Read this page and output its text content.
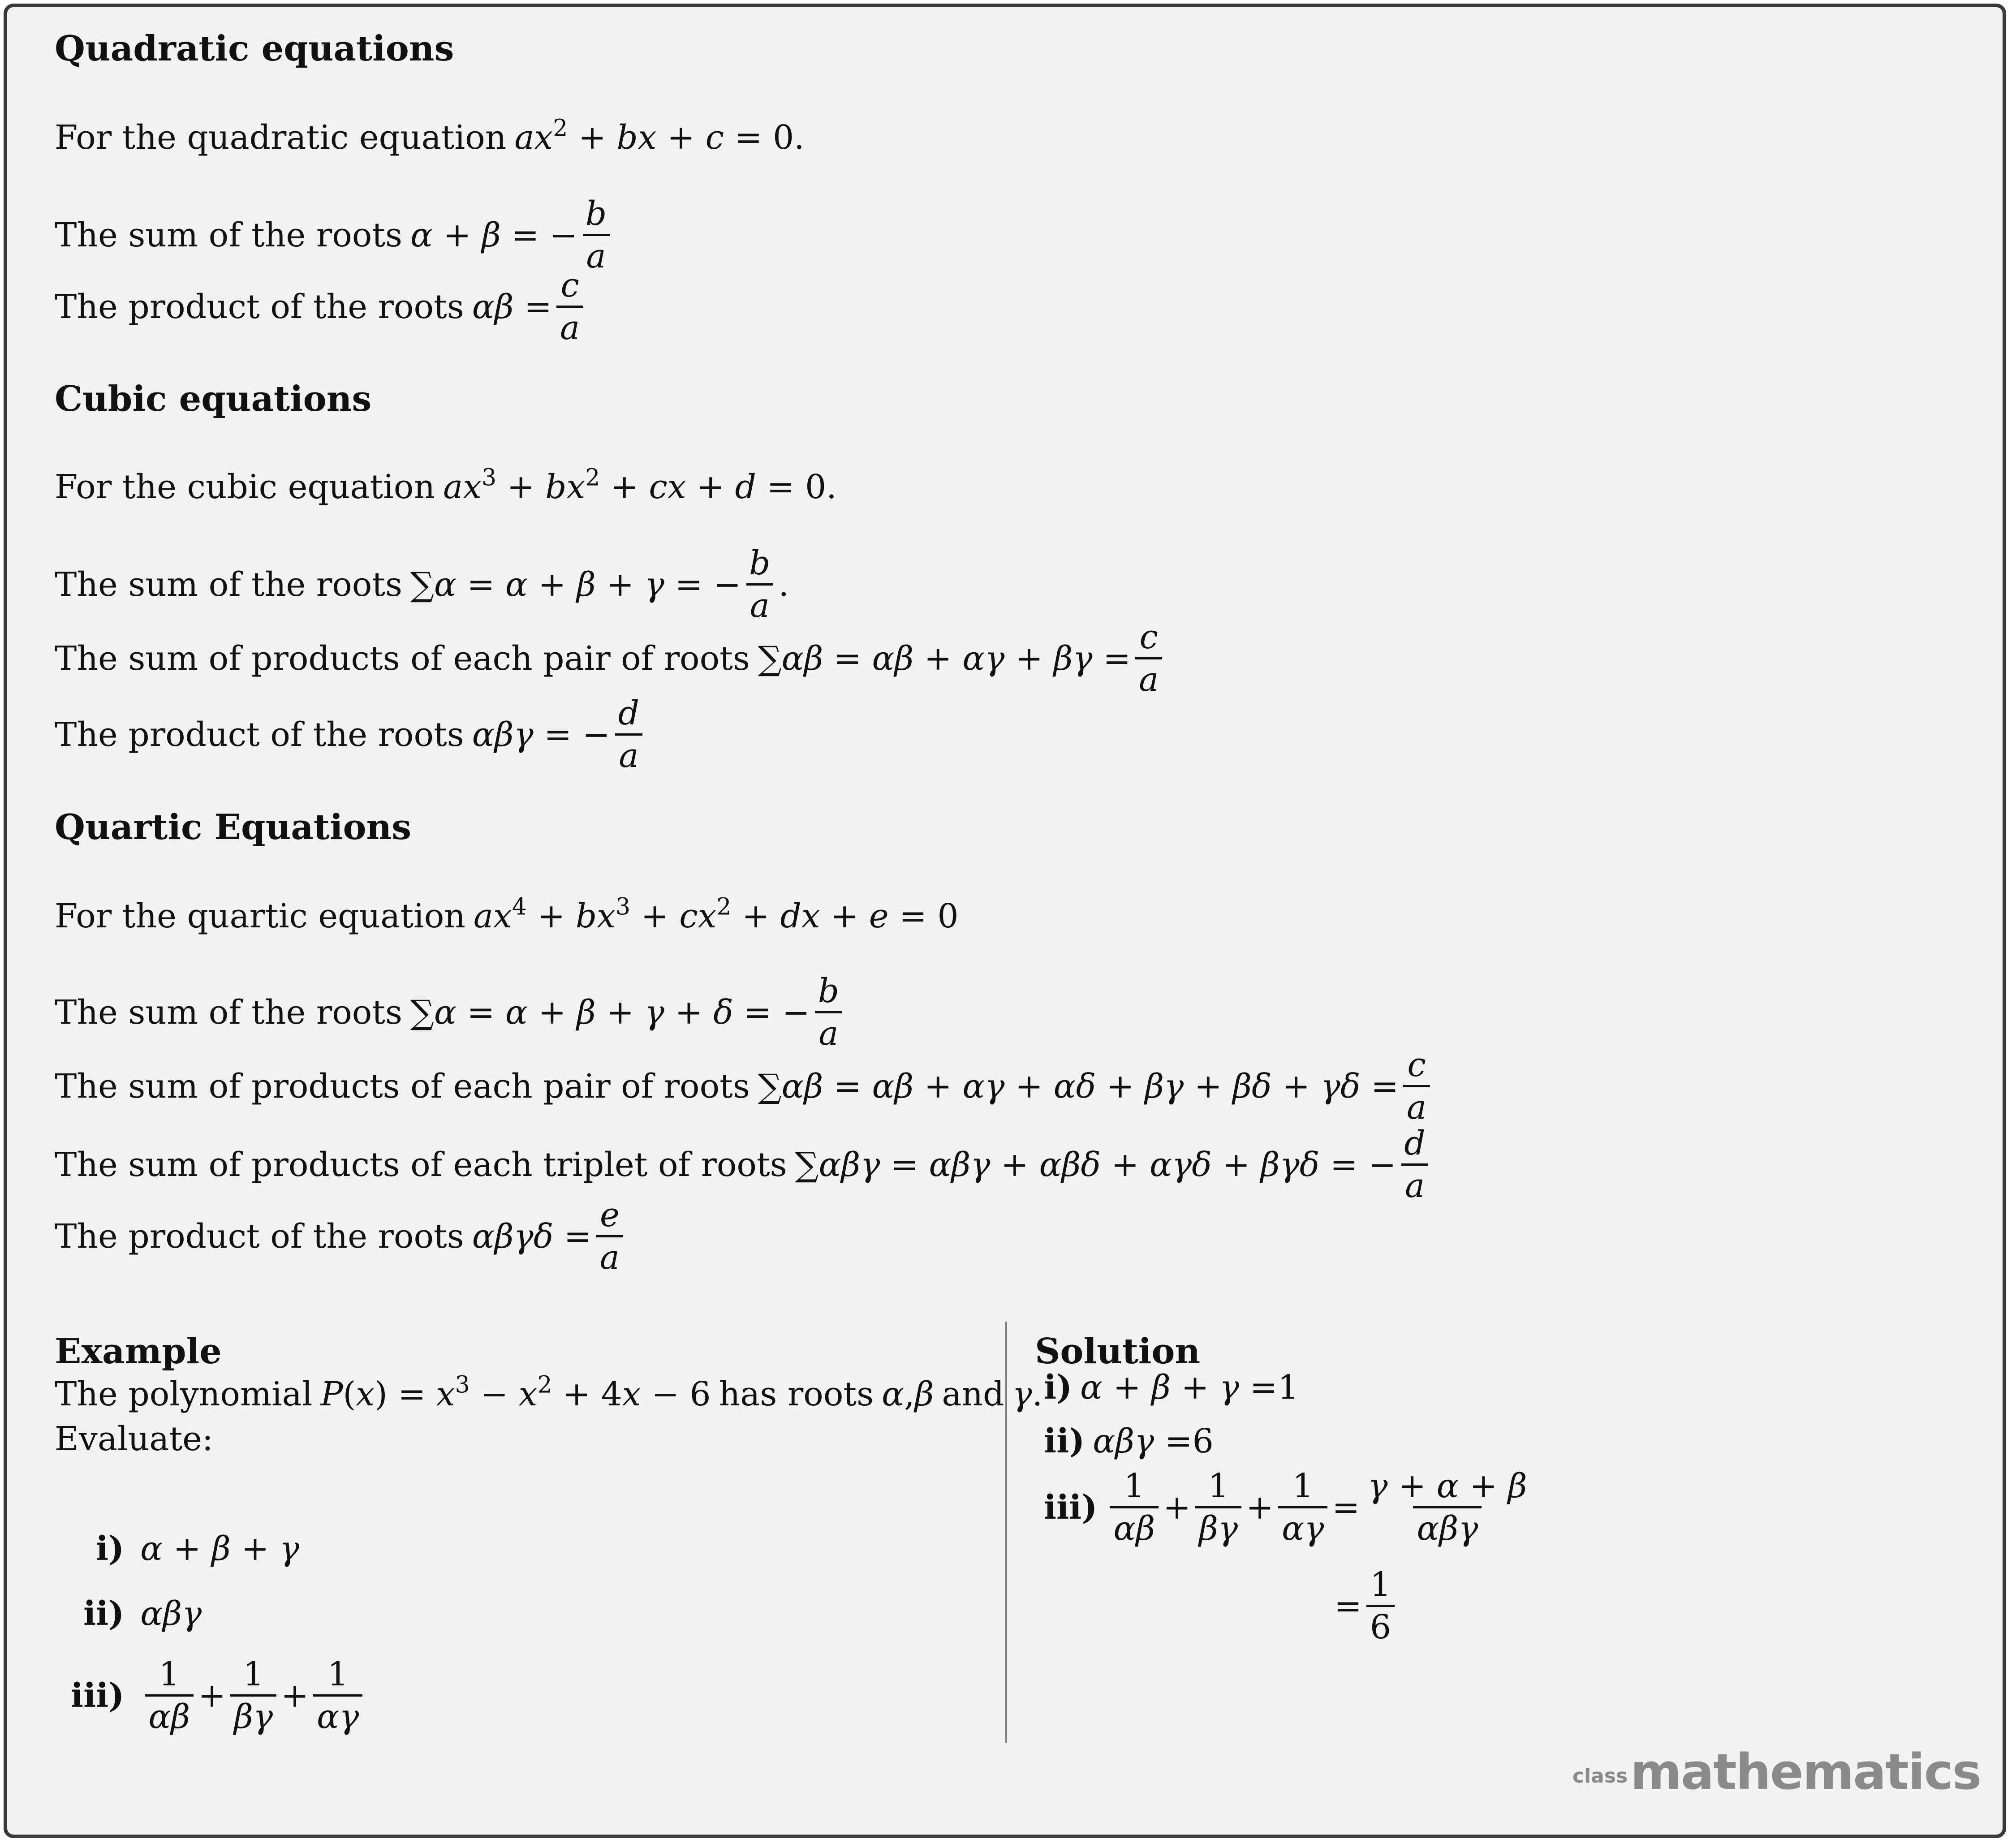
Quadratic equations
For the quadratic equation $ax^2$ + bx + c = 0.
The sum of the roots α + β = − $\frac{b}{a}$
The product of the roots $\alpha\beta = \frac{c}{a}$
Cubic equations
For the cubic equation $ax^3 + bx^2$ + cx + d = 0.
The sum of the roots ∑α = α + β + γ = − $\frac{b}{a}$ .
The sum of products of each pair of roots $\sum\alpha\beta = \alpha\beta + \alpha\gamma + \beta\gamma = \frac{c}{a}$
The product of the roots αβγ = − $\frac{d}{a}$
Quartic Equations
For the quartic equation $ax^4 + bx^3 + cx^2$ + dx + e = 0
The sum of the roots ∑α = α + β + γ + δ = − $\frac{b}{a}$
The sum of products of each pair of roots $\sum\alpha\beta = \alpha\beta + \alpha\gamma + \alpha\delta + \beta\gamma + \beta\delta + \gamma\delta = \frac{c}{a}$
The sum of products of each triplet of roots ∑αβγ = αβγ + αβδ + αγδ + βγδ = − $\frac{d}{a}$
The product of the roots $\alpha\beta\gamma\delta = \frac{e}{a}$
Example
The polynomial $P(x) = x^3 - x^2 + 4x - 6$ has roots α,β and γ.
Evaluate:
i) α + β + γ
ii) αβγ
$iii) \frac{1}{\alpha\beta} + \frac{1}{\beta\gamma} + \frac{1}{\alpha\gamma}$
Solution
i) α + β + γ = 1
ii) αβγ = 6
$iii) \frac{1}{\alpha\beta} + \frac{1}{\beta\gamma} + \frac{1}{\alpha\gamma} = \frac{\gamma + \alpha + \beta}{\text{αβγ}}$
= $\frac{1}{6}$
class mathematics
